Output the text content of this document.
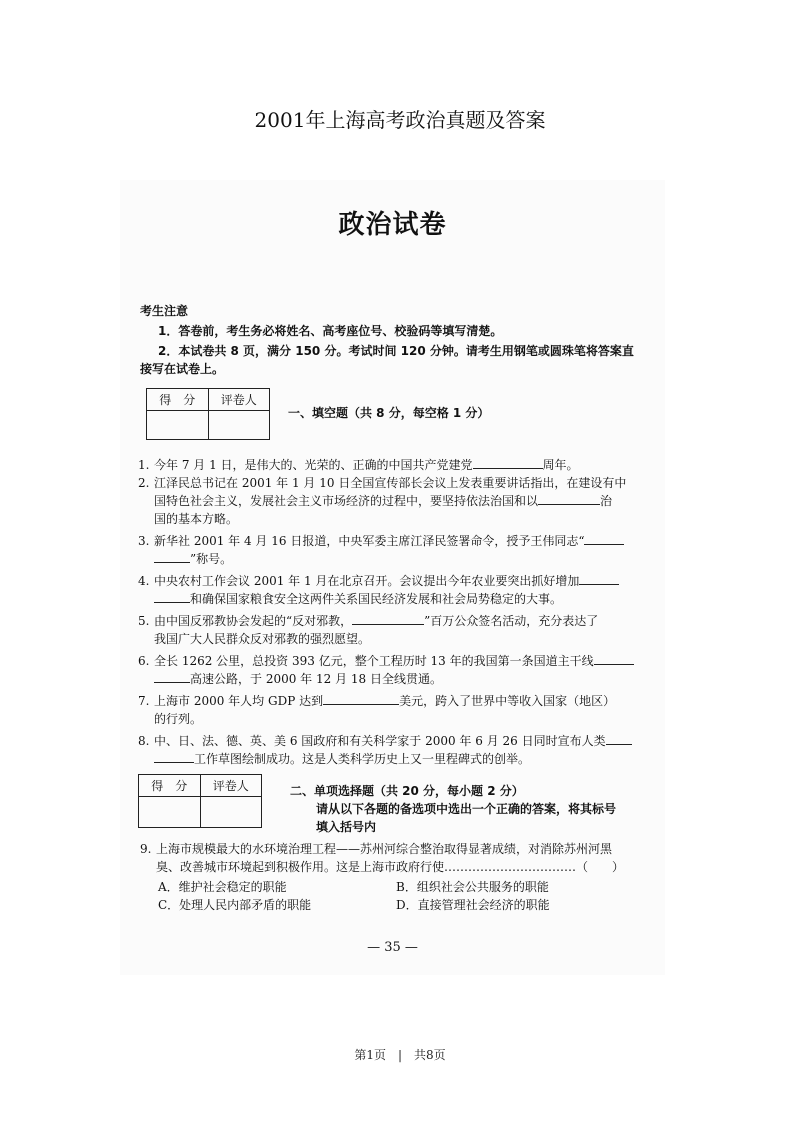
2001年上海高考政治真题及答案
政治试卷
考生注意
1．答卷前，考生务必将姓名、高考座位号、校验码等填写清楚。
2．本试卷共 8 页，满分 150 分。考试时间 120 分钟。请考生用钢笔或圆珠笔将答案直
接写在试卷上。
得　分	评卷人

一、填空题（共 8 分，每空格 1 分）
1. 今年 7 月 1 日，是伟大的、光荣的、正确的中国共产党建党	周年。
2. 江泽民总书记在 2001 年 1 月 10 日全国宣传部长会议上发表重要讲话指出，在建设有中
国特色社会主义，发展社会主义市场经济的过程中，要坚持依法治国和以	治
国的基本方略。
3. 新华社 2001 年 4 月 16 日报道，中央军委主席江泽民签署命令，授予王伟同志“
”称号。
4. 中央农村工作会议 2001 年 1 月在北京召开。会议提出今年农业要突出抓好增加
和确保国家粮食安全这两件关系国民经济发展和社会局势稳定的大事。
5. 由中国反邪教协会发起的“反对邪教，	”百万公众签名活动，充分表达了
我国广大人民群众反对邪教的强烈愿望。
6. 全长 1262 公里，总投资 393 亿元，整个工程历时 13 年的我国第一条国道主干线
高速公路，于 2000 年 12 月 18 日全线贯通。
7. 上海市 2000 年人均 GDP 达到	美元，跨入了世界中等收入国家（地区）
的行列。
8. 中、日、法、德、英、美 6 国政府和有关科学家于 2000 年 6 月 26 日同时宣布人类
工作草图绘制成功。这是人类科学历史上又一里程碑式的创举。
得　分	评卷人
		二、单项选择题（共 20 分，每小题 2 分）
请从以下各题的备选项中选出一个正确的答案，将其标号
填入括号内
9. 上海市规模最大的水环境治理工程——苏州河综合整治取得显著成绩，对消除苏州河黑
臭、改善城市环境起到积极作用。这是上海市政府行使……………………………（　　）
A．维护社会稳定的职能	B．组织社会公共服务的职能
C．处理人民内部矛盾的职能	D．直接管理社会经济的职能
— 35 —
第1页　|　共8页
